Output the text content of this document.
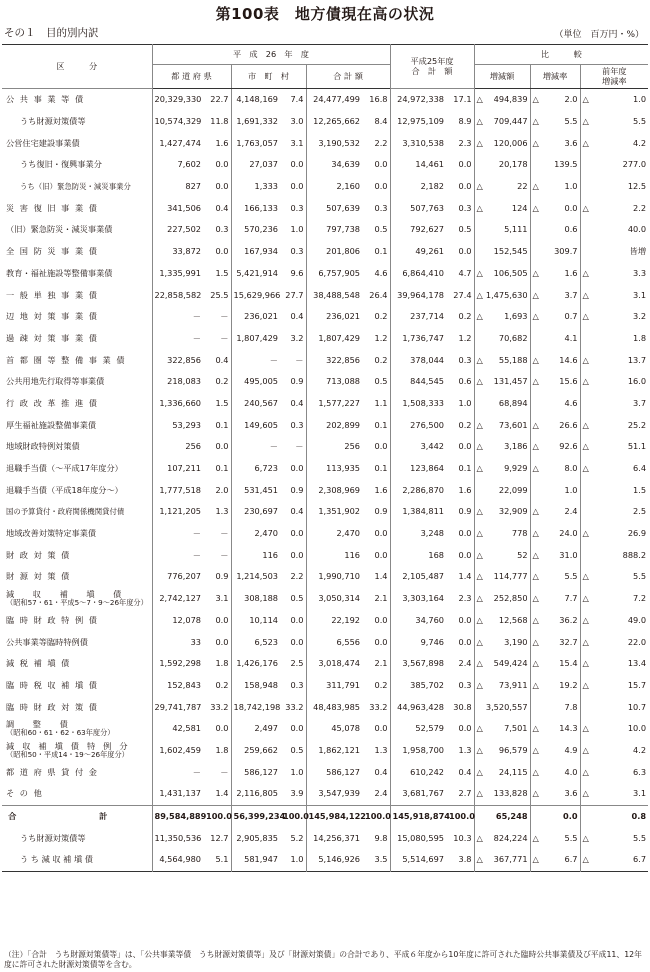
第100表　地方債現在高の状況
その１　目的別内訳	（単位　百万円・%）
区　　　分	平　成　26　年　度						平成25年度
合　計　額		比　　　較		
	都 道 府 県		市　町　村		合 計 額				増減額	増減率	前年度
増減率
公 共 事 業 等 債	20,329,330	22.7	4,148,169	7.4	24,477,499	16.8	24,972,338	17.1	△ 494,839	△ 2.0	△ 1.0

うち財源対策債等	10,574,329	11.8	1,691,332	3.0	12,265,662	8.4	12,975,109	8.9	△ 709,447	△ 5.5	△ 5.5

公営住宅建設事業債	1,427,474	1.6	1,763,057	3.1	3,190,532	2.2	3,310,538	2.3	△ 120,006	△ 3.6	△ 4.2

うち復旧・復興事業分	7,602	0.0	27,037	0.0	34,639	0.0	14,461	0.0	20,178	139.5	277.0

うち（旧）緊急防災・減災事業分	827	0.0	1,333	0.0	2,160	0.0	2,182	0.0	△ 22	△ 1.0	12.5

災 害 復 旧 事 業 債	341,506	0.4	166,133	0.3	507,639	0.3	507,763	0.3	△ 124	△ 0.0	△ 2.2

（旧）緊急防災・減災事業債	227,502	0.3	570,236	1.0	797,738	0.5	792,627	0.5	5,111	0.6	40.0

全 国 防 災 事 業 債	33,872	0.0	167,934	0.3	201,806	0.1	49,261	0.0	152,545	309.7	皆増

教育・福祉施設等整備事業債	1,335,991	1.5	5,421,914	9.6	6,757,905	4.6	6,864,410	4.7	△ 106,505	△ 1.6	△ 3.3

一 般 単 独 事 業 債	22,858,582	25.5	15,629,966	27.7	38,488,548	26.4	39,964,178	27.4	△ 1,475,630	△ 3.7	△ 3.1

辺 地 対 策 事 業 債	－	－	236,021	0.4	236,021	0.2	237,714	0.2	△ 1,693	△ 0.7	△ 3.2

過 疎 対 策 事 業 債	－	－	1,807,429	3.2	1,807,429	1.2	1,736,747	1.2	70,682	4.1	1.8

首 都 圏 等 整 備 事 業 債	322,856	0.4	－	－	322,856	0.2	378,044	0.3	△ 55,188	△ 14.6	△ 13.7

公共用地先行取得等事業債	218,083	0.2	495,005	0.9	713,088	0.5	844,545	0.6	△ 131,457	△ 15.6	△ 16.0

行 政 改 革 推 進 債	1,336,660	1.5	240,567	0.4	1,577,227	1.1	1,508,333	1.0	68,894	4.6	3.7

厚生福祉施設整備事業債	53,293	0.1	149,605	0.3	202,899	0.1	276,500	0.2	△ 73,601	△ 26.6	△ 25.2

地域財政特例対策債	256	0.0	－	－	256	0.0	3,442	0.0	△ 3,186	△ 92.6	△ 51.1

退職手当債（～平成17年度分）	107,211	0.1	6,723	0.0	113,935	0.1	123,864	0.1	△ 9,929	△ 8.0	△ 6.4

退職手当債（平成18年度分～）	1,777,518	2.0	531,451	0.9	2,308,969	1.6	2,286,870	1.6	22,099	1.0	1.5

国の予算貸付・政府関係機関貸付債	1,121,205	1.3	230,697	0.4	1,351,902	0.9	1,384,811	0.9	△ 32,909	△ 2.4	2.5

地域改善対策特定事業債	－	－	2,470	0.0	2,470	0.0	3,248	0.0	△ 778	△ 24.0	△ 26.9

財 政 対 策 債	－	－	116	0.0	116	0.0	168	0.0	△ 52	△ 31.0	888.2

財 源 対 策 債	776,207	0.9	1,214,503	2.2	1,990,710	1.4	2,105,487	1.4	△ 114,777	△ 5.5	△ 5.5

減 収 補 塡 債
（昭和57・61・平成5～7・9～26年度分）	2,742,127	3.1	308,188	0.5	3,050,314	2.1	3,303,164	2.3	△ 252,850	△ 7.7	△ 7.2

臨 時 財 政 特 例 債	12,078	0.0	10,114	0.0	22,192	0.0	34,760	0.0	△ 12,568	△ 36.2	△ 49.0

公共事業等臨時特例債	33	0.0	6,523	0.0	6,556	0.0	9,746	0.0	△ 3,190	△ 32.7	△ 22.0

減 税 補 塡 債	1,592,298	1.8	1,426,176	2.5	3,018,474	2.1	3,567,898	2.4	△ 549,424	△ 15.4	△ 13.4

臨 時 税 収 補 塡 債	152,843	0.2	158,948	0.3	311,791	0.2	385,702	0.3	△ 73,911	△ 19.2	△ 15.7

臨 時 財 政 対 策 債	29,741,787	33.2	18,742,198	33.2	48,483,985	33.2	44,963,428	30.8	3,520,557	7.8	10.7

調 整 債
（昭和60・61・62・63年度分）	42,581	0.0	2,497	0.0	45,078	0.0	52,579	0.0	△ 7,501	△ 14.3	△ 10.0

減収補塡債特例分
（昭和50・平成14・19～26年度分）	1,602,459	1.8	259,662	0.5	1,862,121	1.3	1,958,700	1.3	△ 96,579	△ 4.9	△ 4.2

都 道 府 県 貸 付 金	－	－	586,127	1.0	586,127	0.4	610,242	0.4	△ 24,115	△ 4.0	△ 6.3

そ の 他	1,431,137	1.4	2,116,805	3.9	3,547,939	2.4	3,681,767	2.7	△ 133,828	△ 3.6	△ 3.1

合 計	89,584,889	100.0	56,399,234	100.0	145,984,122	100.0	145,918,874	100.0	65,248	0.0	0.8

うち財源対策債等	11,350,536	12.7	2,905,835	5.2	14,256,371	9.8	15,080,595	10.3	△ 824,224	△ 5.5	△ 5.5

う ち 減 収 補 塡 債	4,564,980	5.1	581,947	1.0	5,146,926	3.5	5,514,697	3.8	△ 367,771	△ 6.7	△ 6.7
（注）「合計　うち財源対策債等」は、「公共事業等債　うち財源対策債等」及び「財源対策債」の合計であり、平成６年度から10年度に許可された臨時公共事業債及び平成11、12年度に許可された財源対策債等を含む。
